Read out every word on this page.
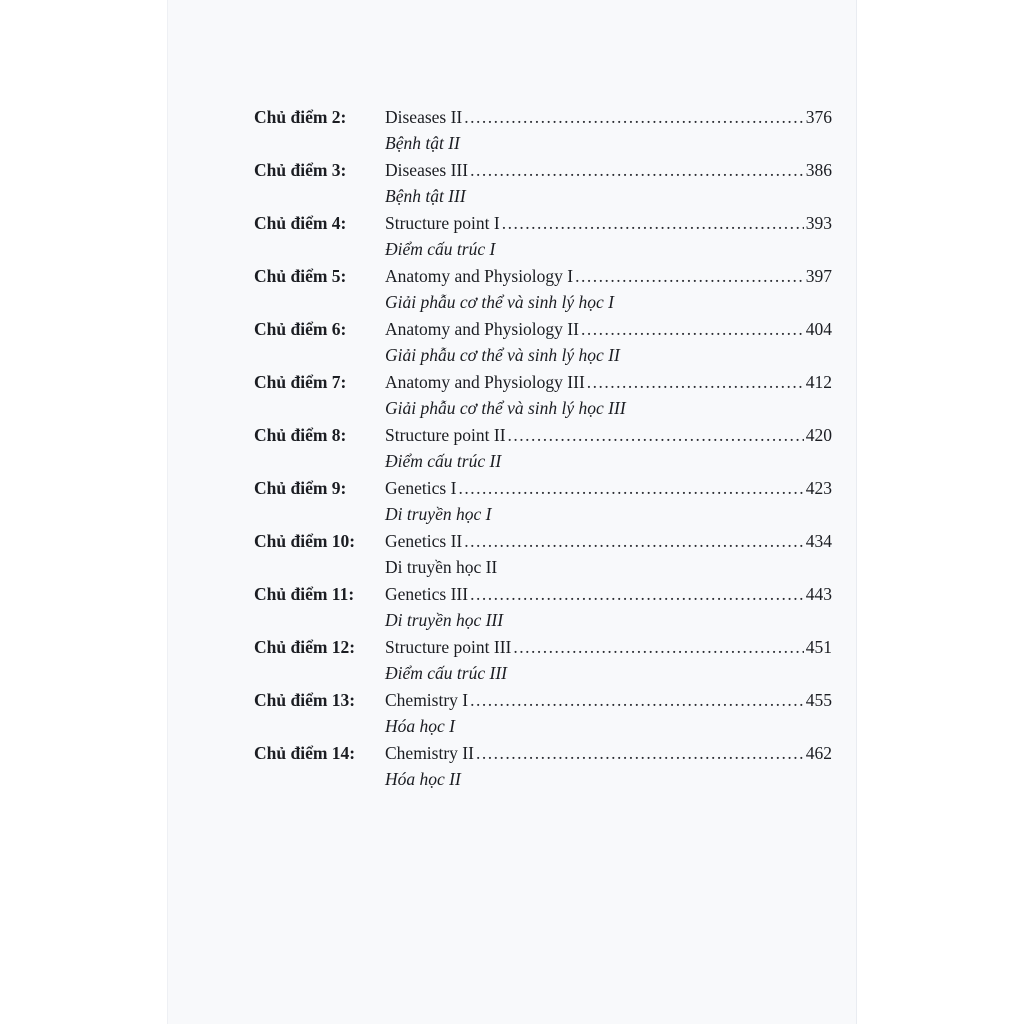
Chủ điểm 2:	Diseases II .....	376
Bệnh tật II
Chủ điểm 3:	Diseases III .....	386
Bệnh tật III
Chủ điểm 4:	Structure point I .....	393
Điểm cấu trúc I
Chủ điểm 5:	Anatomy and Physiology I .....	397
Giải phẫu cơ thể và sinh lý học I
Chủ điểm 6:	Anatomy and Physiology II .....	404
Giải phẫu cơ thể và sinh lý học II
Chủ điểm 7:	Anatomy and Physiology III .....	412
Giải phẫu cơ thể và sinh lý học III
Chủ điểm 8:	Structure point II .....	420
Điểm cấu trúc II
Chủ điểm 9:	Genetics I .....	423
Di truyền học I
Chủ điểm 10:	Genetics II .....	434
Di truyền học II
Chủ điểm 11:	Genetics III .....	443
Di truyền học III
Chủ điểm 12:	Structure point III .....	451
Điểm cấu trúc III
Chủ điểm 13:	Chemistry I .....	455
Hóa học I
Chủ điểm 14:	Chemistry II .....	462
Hóa học II
